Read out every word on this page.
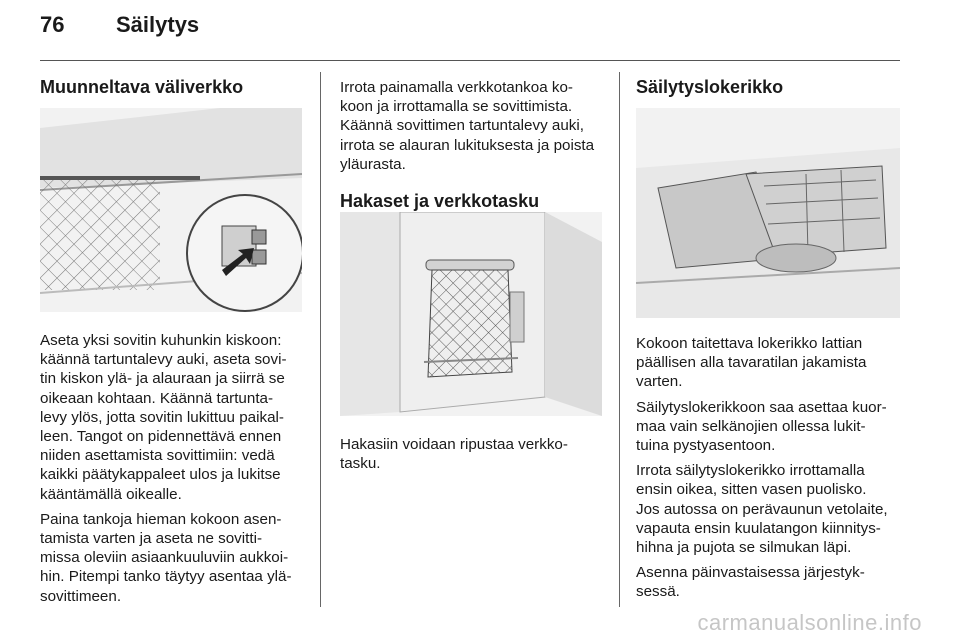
76 Säilytys
Muunneltava väliverkko

Aseta yksi sovitin kuhunkin kiskoon:
käännä tartuntalevy auki, aseta sovi-
tin kiskon ylä- ja alauraan ja siirrä se
oikeaan kohtaan. Käännä tartunta-
levy ylös, jotta sovitin lukittuu paikal-
leen. Tangot on pidennettävä ennen
niiden asettamista sovittimiin: vedä
kaikki päätykappaleet ulos ja lukitse
kääntämällä oikealle.

Paina tankoja hieman kokoon asen-
tamista varten ja aseta ne sovitti-
missa oleviin asiaankuuluviin aukkoi-
hin. Pitempi tanko täytyy asentaa ylä-
sovittimeen.

Irrota painamalla verkkotankoa ko-
koon ja irrottamalla se sovittimista.
Käännä sovittimen tartuntalevy auki,
irrota se alauran lukituksesta ja poista
yläurasta.

Hakaset ja verkkotasku

Hakasiin voidaan ripustaa verkko-
tasku.

Säilytyslokerikko

Kokoon taitettava lokerikko lattian
päällisen alla tavaratilan jakamista
varten.

Säilytyslokerikkoon saa asettaa kuor-
maa vain selkänojien ollessa lukit-
tuina pystyasentoon.

Irrota säilytyslokerikko irrottamalla
ensin oikea, sitten vasen puolisko.
Jos autossa on perävaunun vetolaite,
vapauta ensin kuulatangon kiinnitys-
hihna ja pujota se silmukan läpi.

Asenna päinvastaisessa järjestyk-
sessä.

carmanualsonline.info
